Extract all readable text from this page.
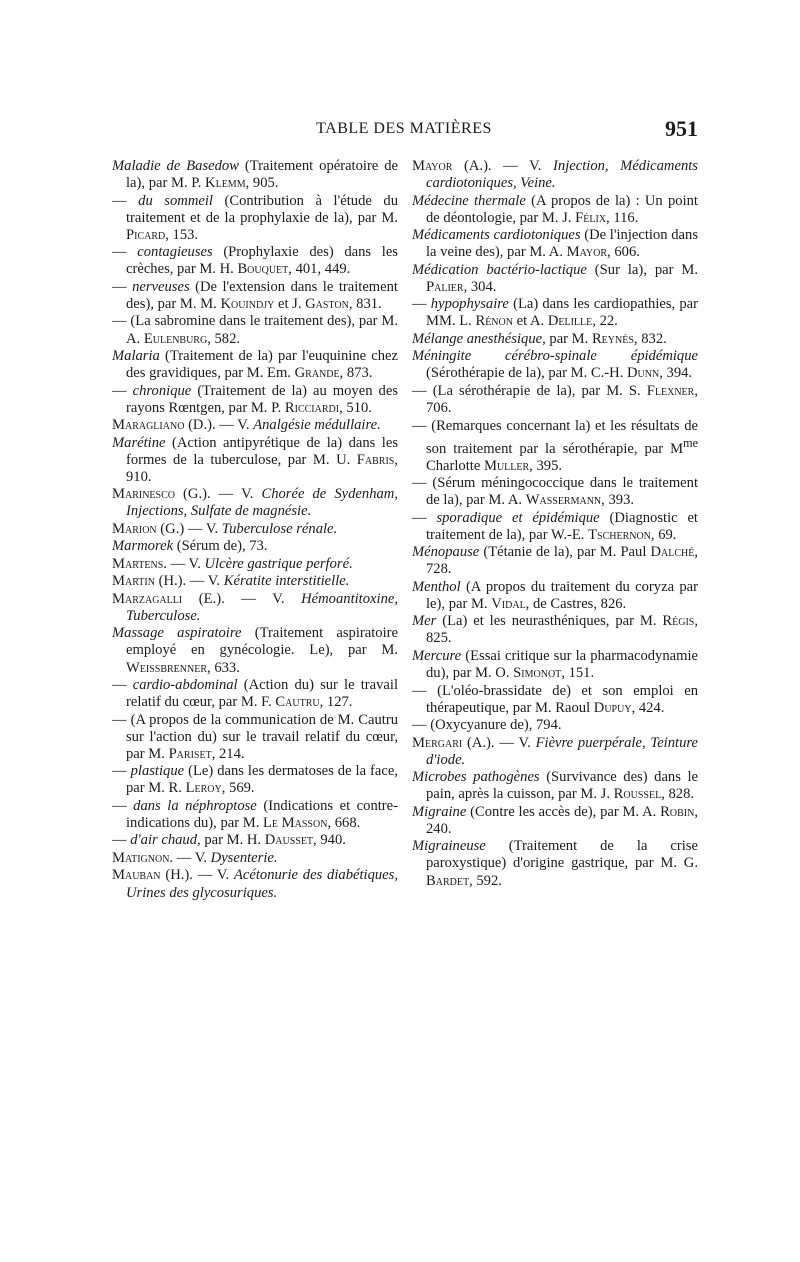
TABLE DES MATIÈRES	951
Maladie de Basedow (Traitement opératoire de la), par M. P. Klemm, 905.
— du sommeil (Contribution à l'étude du traitement et de la prophylaxie de la), par M. Picard, 153.
— contagieuses (Prophylaxie des) dans les crèches, par M. H. Bouquet, 401, 449.
— nerveuses (De l'extension dans le traitement des), par M. M. Kouindjy et J. Gaston, 831.
— (La sabromine dans le traitement des), par M. A. Eulenburg, 582.
Malaria (Traitement de la) par l'euquinine chez des gravidiques, par M. Em. Grande, 873.
— chronique (Traitement de la) au moyen des rayons Rœntgen, par M. P. Ricciardi, 510.
Maragliano (D.). — V. Analgésie médullaire.
Marétine (Action antipyrétique de la) dans les formes de la tuberculose, par M. U. Fabris, 910.
Marinesco (G.). — V. Chorée de Sydenham, Injections, Sulfate de magnésie.
Marion (G.) — V. Tuberculose rénale.
Marmorek (Sérum de), 73.
Martens. — V. Ulcère gastrique perforé.
Martin (H.). — V. Kératite interstitielle.
Marzagalli (E.). — V. Hémoantitoxine, Tuberculose.
Massage aspiratoire (Traitement aspiratoire employé en gynécologie. Le), par M. Weissbrenner, 633.
— cardio-abdominal (Action du) sur le travail relatif du cœur, par M. F. Cautru, 127.
— (A propos de la communication de M. Cautru sur l'action du) sur le travail relatif du cœur, par M. Pariset, 214.
— plastique (Le) dans les dermatoses de la face, par M. R. Leroy, 569.
— dans la néphroptose (Indications et contre-indications du), par M. Le Masson, 668.
— d'air chaud, par M. H. Dausset, 940.
Matignon. — V. Dysenterie.
Mauban (H.). — V. Acétonurie des diabétiques, Urines des glycosuriques.
Mayor (A.). — V. Injection, Médicaments cardiotoniques, Veine.
Médecine thermale (A propos de la) : Un point de déontologie, par M. J. Félix, 116.
Médicaments cardiotoniques (De l'injection dans la veine des), par M. A. Mayor, 606.
Médication bactério-lactique (Sur la), par M. Palier, 304.
— hypophysaire (La) dans les cardiopathies, par MM. L. Rénon et A. Delille, 22.
Mélange anesthésique, par M. Reynès, 832.
Méningite cérébro-spinale épidémique (Sérothérapie de la), par M. C.-H. Dunn, 394.
— (La sérothérapie de la), par M. S. Flexner, 706.
— (Remarques concernant la) et les résultats de son traitement par la sérothérapie, par $M^{me}$ Charlotte Muller, 395.
— (Sérum méningococcique dans le traitement de la), par M. A. Wassermann, 393.
— sporadique et épidémique (Diagnostic et traitement de la), par W.-E. Tschernon, 69.
Ménopause (Tétanie de la), par M. Paul Dalché, 728.
Menthol (A propos du traitement du coryza par le), par M. Vidal, de Castres, 826.
Mer (La) et les neurasthéniques, par M. Régis, 825.
Mercure (Essai critique sur la pharmacodynamie du), par M. O. Simonot, 151.
— (L'oléo-brassidate de) et son emploi en thérapeutique, par M. Raoul Dupuy, 424.
— (Oxycyanure de), 794.
Mergari (A.). — V. Fièvre puerpérale, Teinture d'iode.
Microbes pathogènes (Survivance des) dans le pain, après la cuisson, par M. J. Roussel, 828.
Migraine (Contre les accès de), par M. A. Robin, 240.
Migraineuse (Traitement de la crise paroxystique) d'origine gastrique, par M. G. Bardet, 592.
